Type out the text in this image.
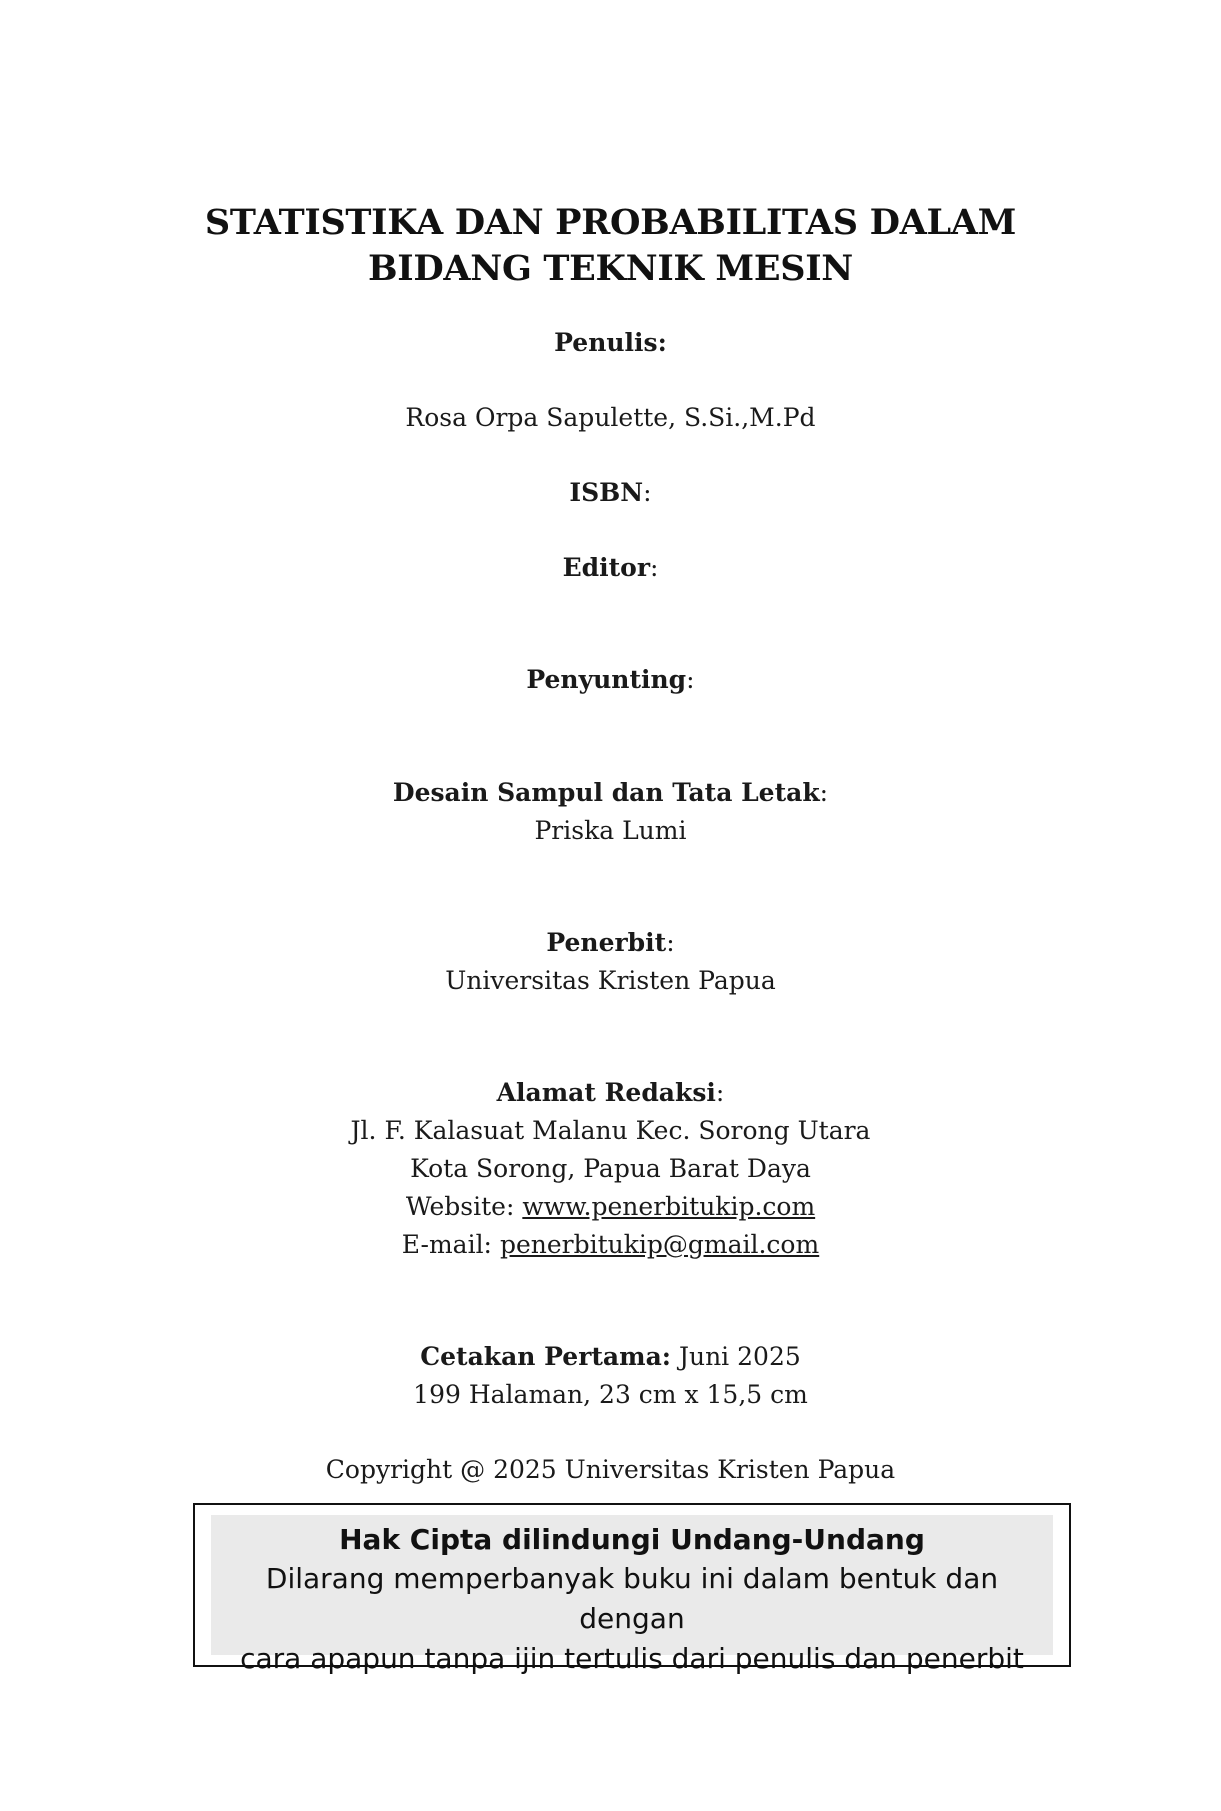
STATISTIKA DAN PROBABILITAS DALAM
BIDANG TEKNIK MESIN
Penulis:
Rosa Orpa Sapulette, S.Si.,M.Pd
ISBN:
Editor:
Penyunting:
Desain Sampul dan Tata Letak:
Priska Lumi
Penerbit:
Universitas Kristen Papua
Alamat Redaksi:
Jl. F. Kalasuat Malanu Kec. Sorong Utara
Kota Sorong, Papua Barat Daya
Website: www.penerbitukip.com
E-mail: penerbitukip@gmail.com
Cetakan Pertama: Juni 2025
199 Halaman, 23 cm x 15,5 cm
Copyright @ 2025 Universitas Kristen Papua
Hak Cipta dilindungi Undang-Undang
Dilarang memperbanyak buku ini dalam bentuk dan dengan
cara apapun tanpa ijin tertulis dari penulis dan penerbit
